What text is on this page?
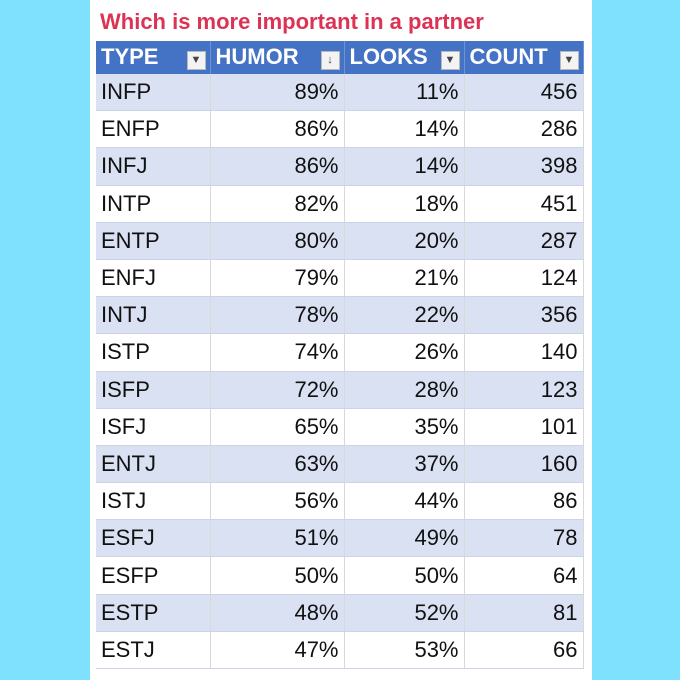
Which is more important in a partner
TYPE ▼	HUMOR ↓	LOOKS ▼	COUNT ▼

INFP	89%	11%	456
ENFP	86%	14%	286
INFJ	86%	14%	398
INTP	82%	18%	451
ENTP	80%	20%	287
ENFJ	79%	21%	124
INTJ	78%	22%	356
ISTP	74%	26%	140
ISFP	72%	28%	123
ISFJ	65%	35%	101
ENTJ	63%	37%	160
ISTJ	56%	44%	86
ESFJ	51%	49%	78
ESFP	50%	50%	64
ESTP	48%	52%	81
ESTJ	47%	53%	66
